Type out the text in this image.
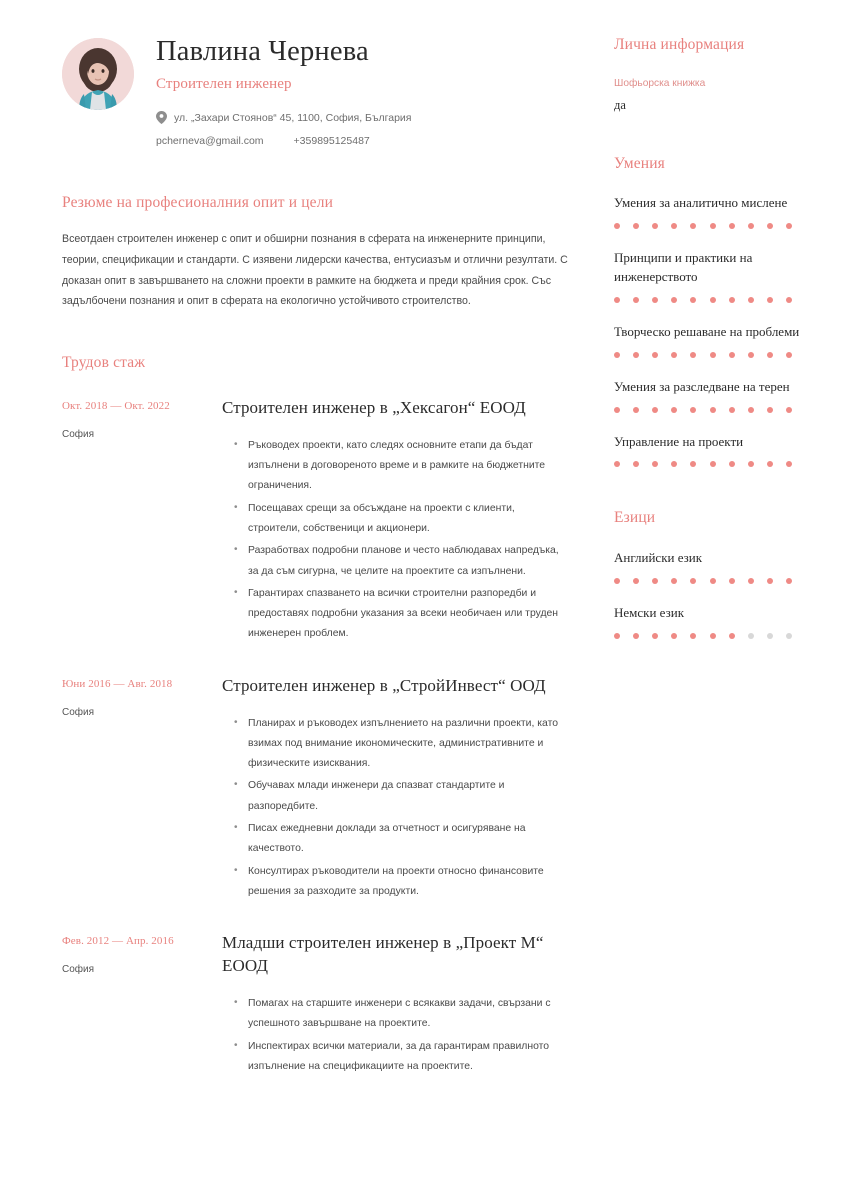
Павлина Чернева
Строителен инженер
ул. „Захари Стоянов“ 45, 1100, София, България
pcherneva@gmail.com	+359895125487
Резюме на професионалния опит и цели
Всеотдаен строителен инженер с опит и обширни познания в сферата на инженерните принципи, теории, спецификации и стандарти. С изявени лидерски качества, ентусиазъм и отлични резултати. С доказан опит в завършването на сложни проекти в рамките на бюджета и преди крайния срок. Със задълбочени познания и опит в сферата на екологично устойчивото строителство.
Трудов стаж
Окт. 2018 — Окт. 2022
София
Строителен инженер в „Хексагон“ ЕООД
• Ръководех проекти, като следях основните етапи да бъдат изпълнени в договореното време и в рамките на бюджетните ограничения.
• Посещавах срещи за обсъждане на проекти с клиенти, строители, собственици и акционери.
• Разработвах подробни планове и често наблюдавах напредъка, за да съм сигурна, че целите на проектите са изпълнени.
• Гарантирах спазването на всички строителни разпоредби и предоставях подробни указания за всеки необичаен или труден инженерен проблем.
Юни 2016 — Авг. 2018
София
Строителен инженер в „СтройИнвест“ ООД
• Планирах и ръководех изпълнението на различни проекти, като взимах под внимание икономическите, административните и физическите изисквания.
• Обучавах млади инженери да спазват стандартите и разпоредбите.
• Писах ежедневни доклади за отчетност и осигуряване на качеството.
• Консултирах ръководители на проекти относно финансовите решения за разходите за продукти.
Фев. 2012 — Апр. 2016
София
Младши строителен инженер в „Проект М“ ЕООД
• Помагах на старшите инженери с всякакви задачи, свързани с успешното завършване на проектите.
• Инспектирах всички материали, за да гарантирам правилното изпълнение на спецификациите на проектите.
Лична информация
Шофьорска книжка
да
Умения
Умения за аналитично мислене
Принципи и практики на инженерството
Творческо решаване на проблеми
Умения за разследване на терен
Управление на проекти
Езици
Английски език
Немски език
